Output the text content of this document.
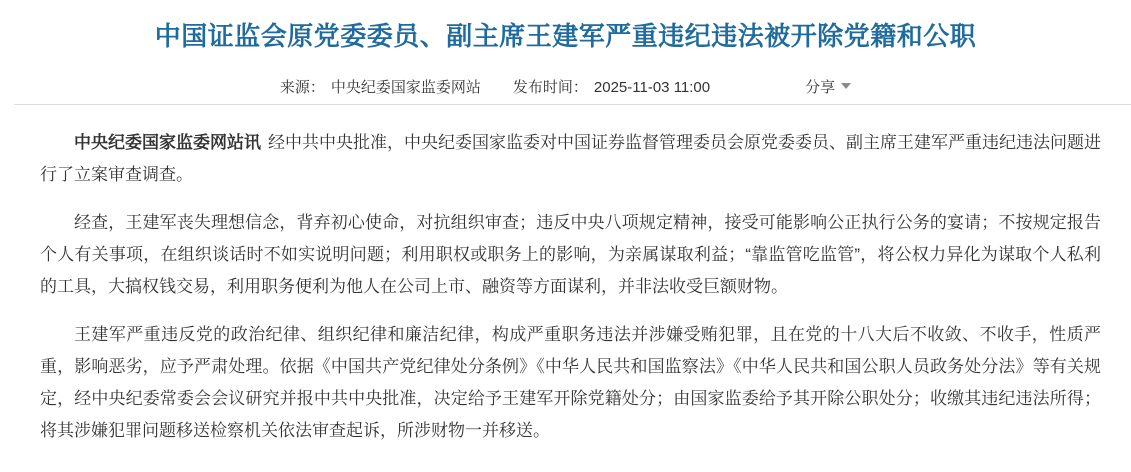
中国证监会原党委委员、副主席王建军严重违纪违法被开除党籍和公职
来源： 中央纪委国家监委网站 发布时间： 2025-11-03 11:00	分享

中央纪委国家监委网站讯 经中共中央批准，中央纪委国家监委对中国证券监督管理委员会原党委委员、副主席王建军严重违纪违法问题进行了立案审查调查。

经查，王建军丧失理想信念，背弃初心使命，对抗组织审查；违反中央八项规定精神，接受可能影响公正执行公务的宴请；不按规定报告个人有关事项，在组织谈话时不如实说明问题；利用职权或职务上的影响，为亲属谋取利益；“靠监管吃监管”，将公权力异化为谋取个人私利的工具，大搞权钱交易，利用职务便利为他人在公司上市、融资等方面谋利，并非法收受巨额财物。

王建军严重违反党的政治纪律、组织纪律和廉洁纪律，构成严重职务违法并涉嫌受贿犯罪，且在党的十八大后不收敛、不收手，性质严重，影响恶劣，应予严肃处理。依据《中国共产党纪律处分条例》《中华人民共和国监察法》《中华人民共和国公职人员政务处分法》等有关规定，经中央纪委常委会会议研究并报中共中央批准，决定给予王建军开除党籍处分；由国家监委给予其开除公职处分；收缴其违纪违法所得；将其涉嫌犯罪问题移送检察机关依法审查起诉，所涉财物一并移送。
